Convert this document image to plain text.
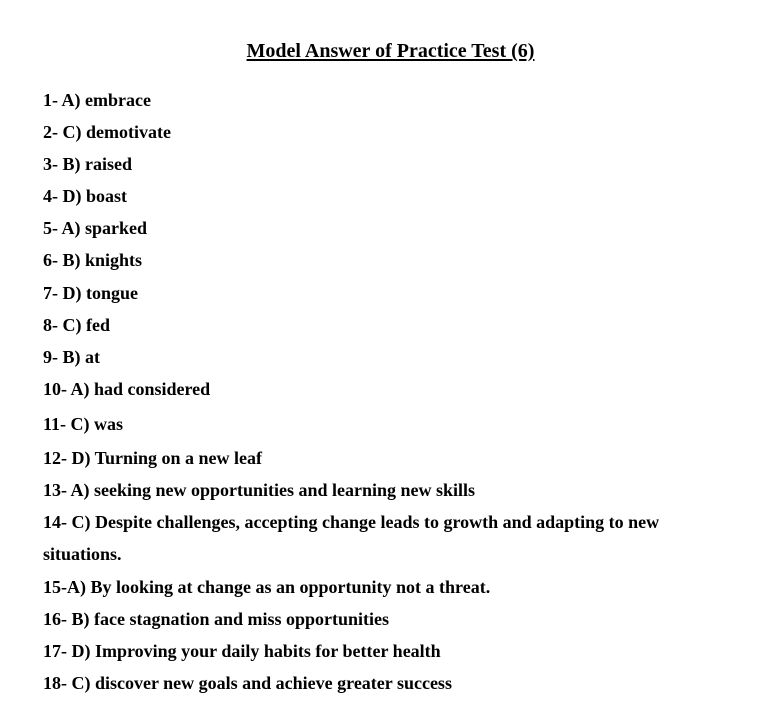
Model Answer of Practice Test (6)
1- A) embrace
2- C) demotivate
3- B) raised
4- D) boast
5- A) sparked
6- B) knights
7- D) tongue
8- C) fed
9- B) at
10- A) had considered
11- C) was
12- D) Turning on a new leaf
13- A) seeking new opportunities and learning new skills
14- C) Despite challenges, accepting change leads to growth and adapting to new
situations.
15-A) By looking at change as an opportunity not a threat.
16- B) face stagnation and miss opportunities
17- D) Improving your daily habits for better health
18- C) discover new goals and achieve greater success
